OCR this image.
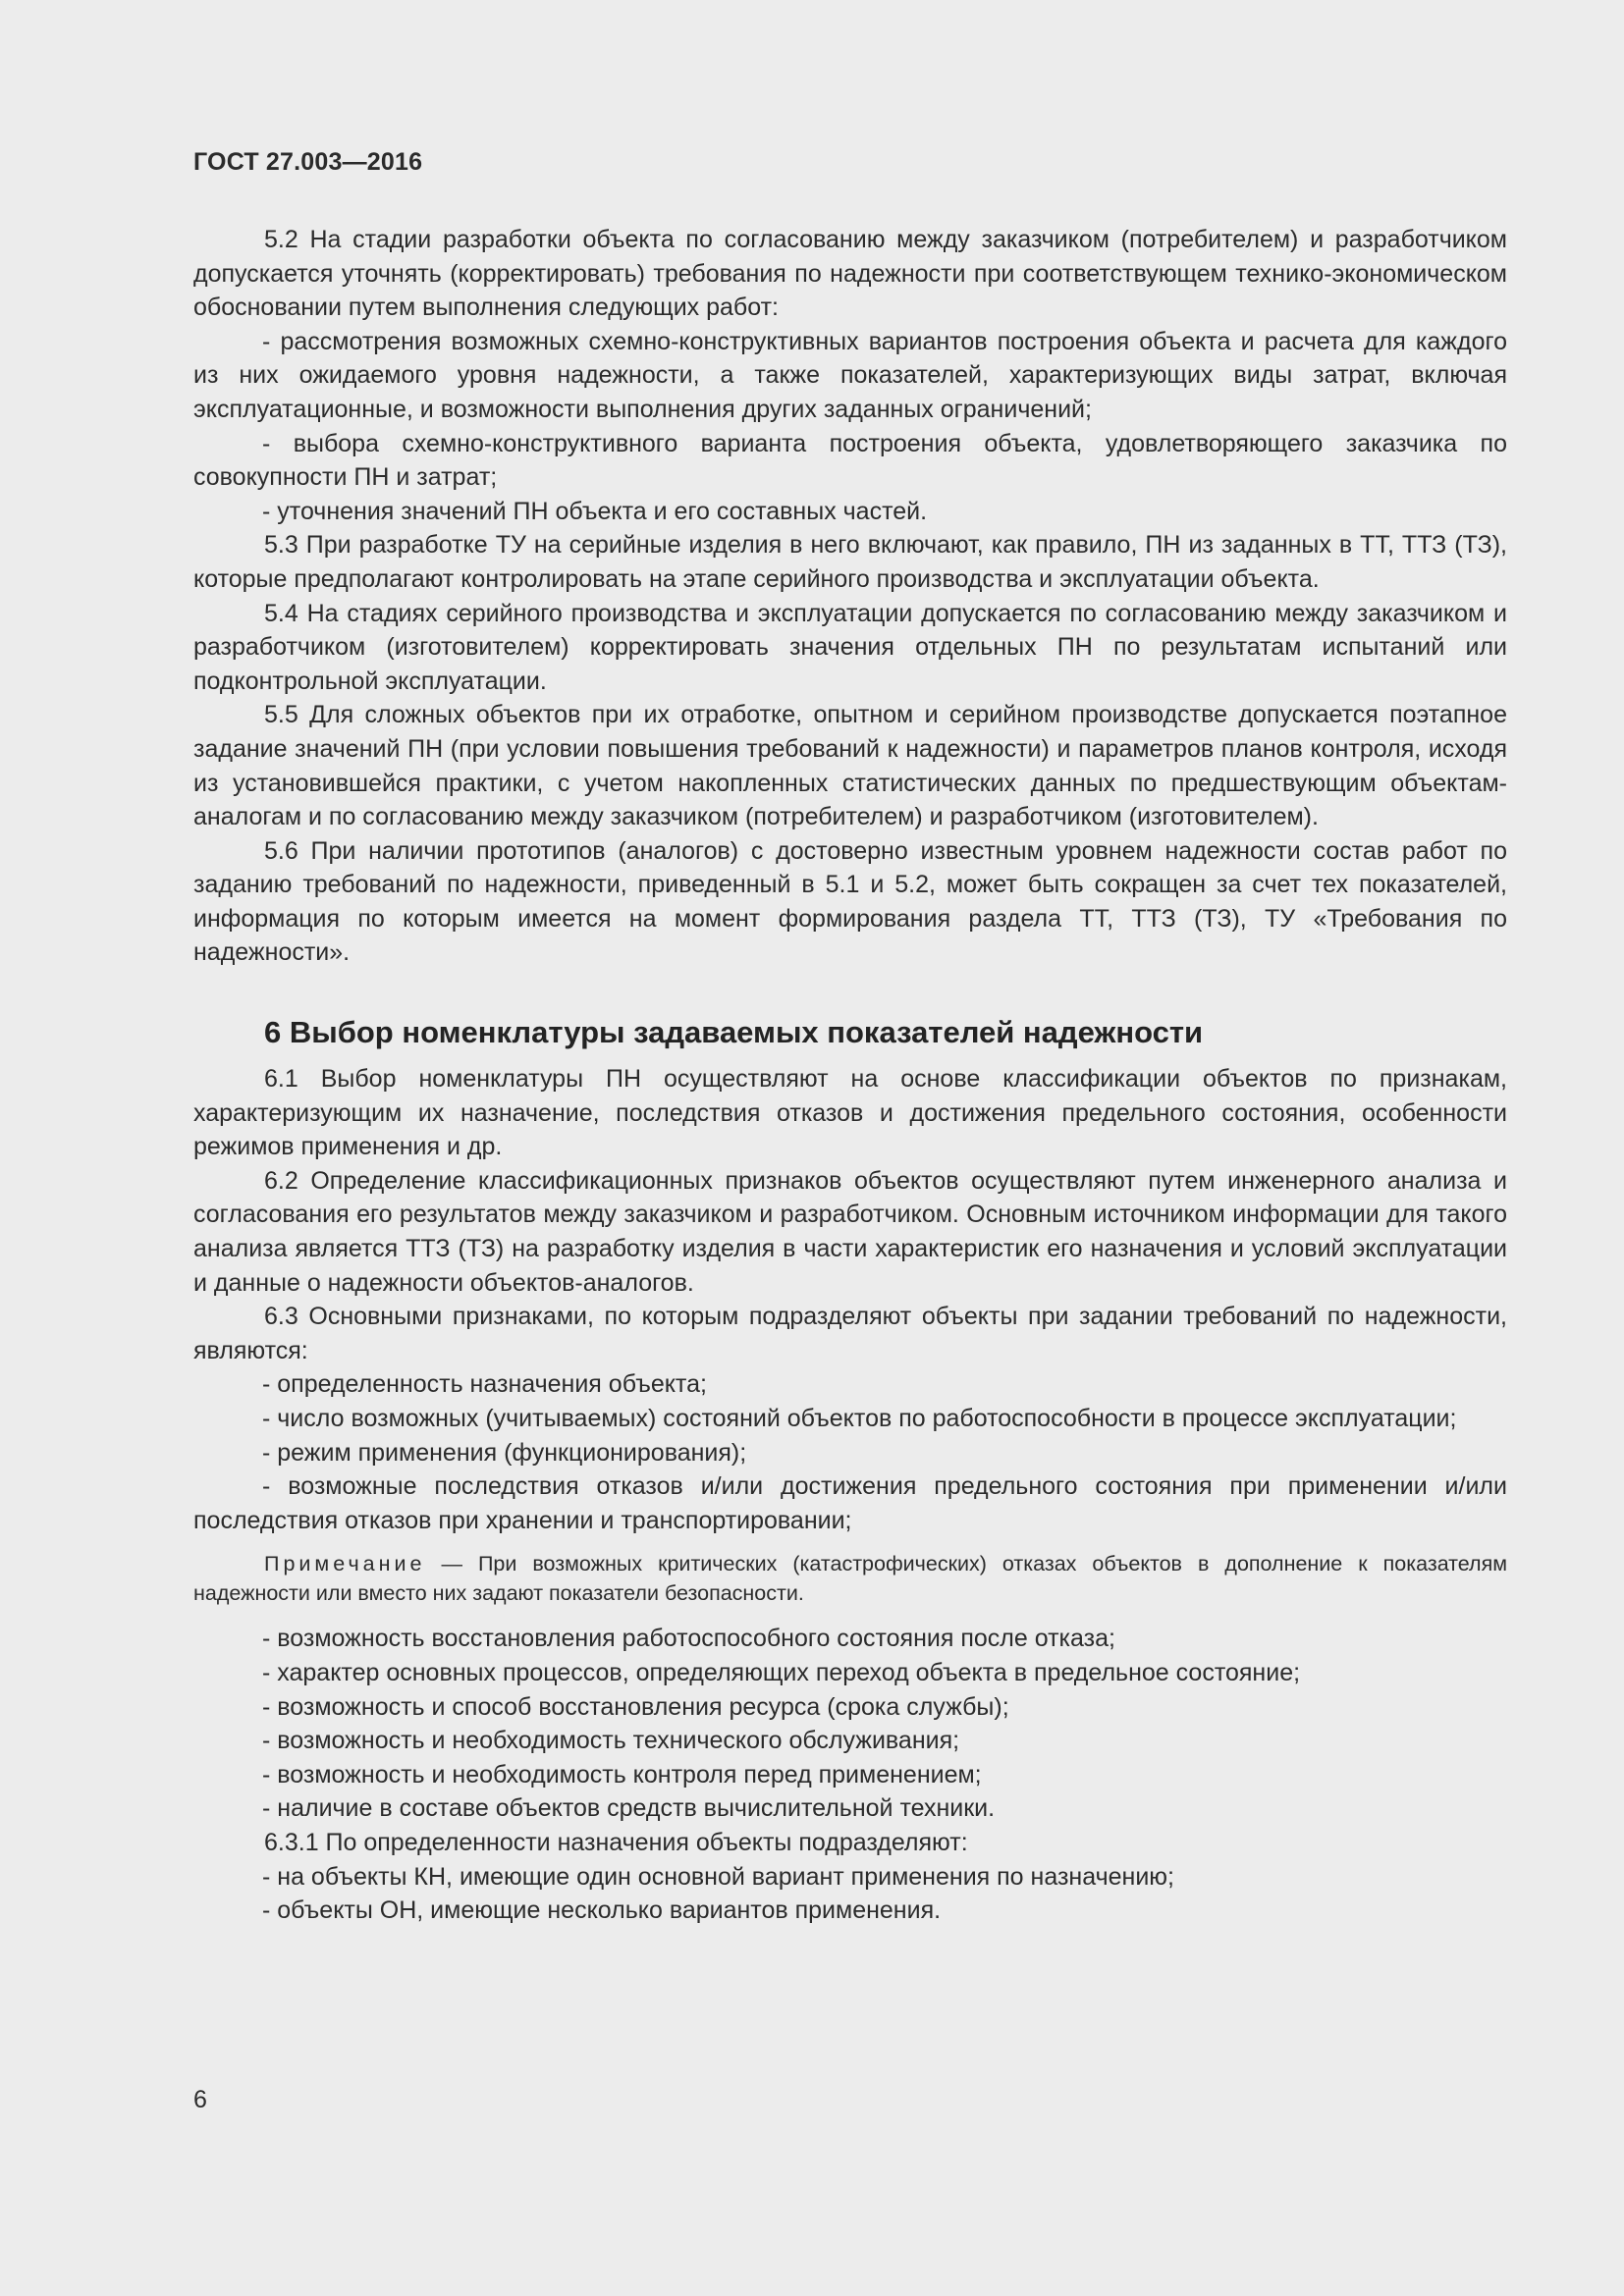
ГОСТ 27.003—2016

5.2 На стадии разработки объекта по согласованию между заказчиком (потребителем) и разработчиком допускается уточнять (корректировать) требования по надежности при соответствующем технико-экономическом обосновании путем выполнения следующих работ:

- рассмотрения возможных схемно-конструктивных вариантов построения объекта и расчета для каждого из них ожидаемого уровня надежности, а также показателей, характеризующих виды затрат, включая эксплуатационные, и возможности выполнения других заданных ограничений;

- выбора схемно-конструктивного варианта построения объекта, удовлетворяющего заказчика по совокупности ПН и затрат;

- уточнения значений ПН объекта и его составных частей.

5.3 При разработке ТУ на серийные изделия в него включают, как правило, ПН из заданных в ТТ, ТТЗ (ТЗ), которые предполагают контролировать на этапе серийного производства и эксплуатации объекта.

5.4 На стадиях серийного производства и эксплуатации допускается по согласованию между заказчиком и разработчиком (изготовителем) корректировать значения отдельных ПН по результатам испытаний или подконтрольной эксплуатации.

5.5 Для сложных объектов при их отработке, опытном и серийном производстве допускается поэтапное задание значений ПН (при условии повышения требований к надежности) и параметров планов контроля, исходя из установившейся практики, с учетом накопленных статистических данных по предшествующим объектам-аналогам и по согласованию между заказчиком (потребителем) и разработчиком (изготовителем).

5.6 При наличии прототипов (аналогов) с достоверно известным уровнем надежности состав работ по заданию требований по надежности, приведенный в 5.1 и 5.2, может быть сокращен за счет тех показателей, информация по которым имеется на момент формирования раздела ТТ, ТТЗ (ТЗ), ТУ «Требования по надежности».

6 Выбор номенклатуры задаваемых показателей надежности

6.1 Выбор номенклатуры ПН осуществляют на основе классификации объектов по признакам, характеризующим их назначение, последствия отказов и достижения предельного состояния, особенности режимов применения и др.

6.2 Определение классификационных признаков объектов осуществляют путем инженерного анализа и согласования его результатов между заказчиком и разработчиком. Основным источником информации для такого анализа является ТТЗ (ТЗ) на разработку изделия в части характеристик его назначения и условий эксплуатации и данные о надежности объектов-аналогов.

6.3 Основными признаками, по которым подразделяют объекты при задании требований по надежности, являются:

- определенность назначения объекта;

- число возможных (учитываемых) состояний объектов по работоспособности в процессе эксплуатации;

- режим применения (функционирования);

- возможные последствия отказов и/или достижения предельного состояния при применении и/или последствия отказов при хранении и транспортировании;

Примечание — При возможных критических (катастрофических) отказах объектов в дополнение к показателям надежности или вместо них задают показатели безопасности.

- возможность восстановления работоспособного состояния после отказа;

- характер основных процессов, определяющих переход объекта в предельное состояние;

- возможность и способ восстановления ресурса (срока службы);

- возможность и необходимость технического обслуживания;

- возможность и необходимость контроля перед применением;

- наличие в составе объектов средств вычислительной техники.

6.3.1 По определенности назначения объекты подразделяют:

- на объекты КН, имеющие один основной вариант применения по назначению;

- объекты ОН, имеющие несколько вариантов применения.

6
